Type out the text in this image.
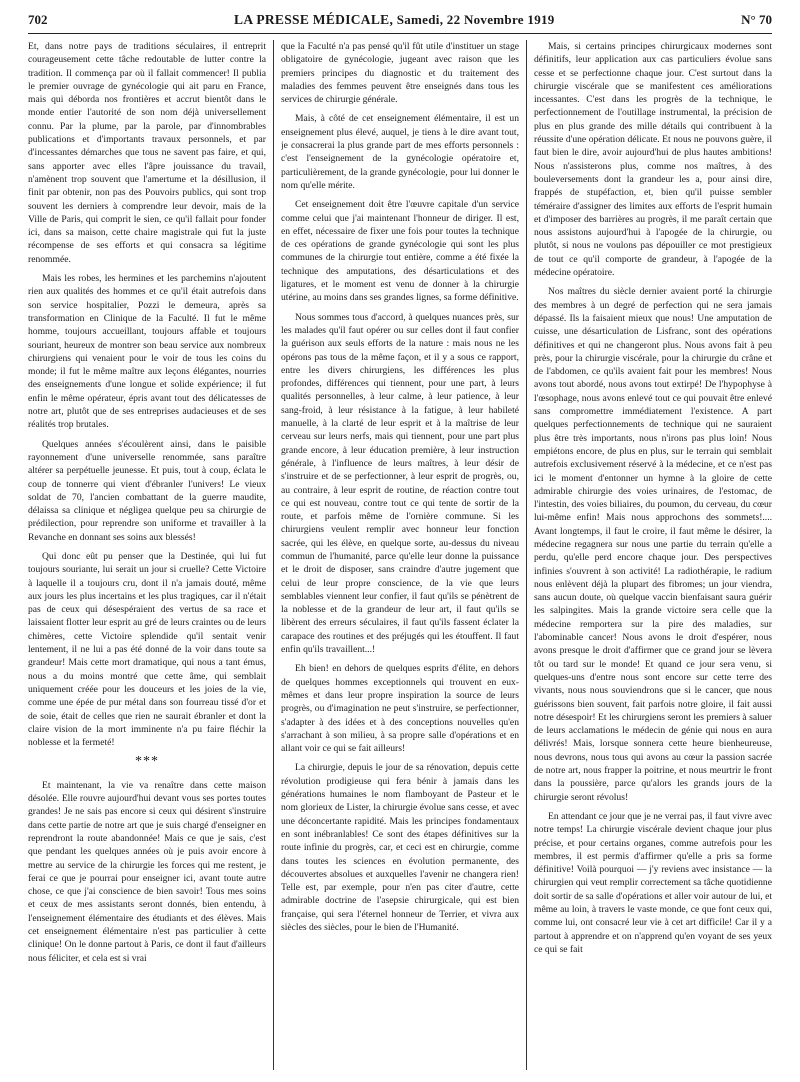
702	LA PRESSE MÉDICALE, Samedi, 22 Novembre 1919	N° 70

Et, dans notre pays de traditions séculaires, il entreprit courageusement cette tâche redoutable de lutter contre la tradition. Il commença par où il fallait commencer! Il publia le premier ouvrage de gynécologie qui ait paru en France, mais qui déborda nos frontières et accrut bientôt dans le monde entier l'autorité de son nom déjà universellement connu. Par la plume, par la parole, par d'innombrables publications et d'importants travaux personnels, et par d'incessantes démarches que tous ne savent pas faire, et qui, sans apporter avec elles l'âpre jouissance du travail, n'amènent trop souvent que l'amertume et la désillusion, il finit par obtenir, non pas des Pouvoirs publics, qui sont trop souvent les derniers à comprendre leur devoir, mais de la Ville de Paris, qui comprit le sien, ce qu'il fallait pour fonder ici, dans sa maison, cette chaire magistrale qui fut la juste récompense de ses efforts et qui consacra sa légitime renommée.

Mais les robes, les hermines et les parchemins n'ajoutent rien aux qualités des hommes et ce qu'il était autrefois dans son service hospitalier, Pozzi le demeura, après sa transformation en Clinique de la Faculté. Il fut le même homme, toujours accueillant, toujours affable et toujours souriant, heureux de montrer son beau service aux nombreux chirurgiens qui venaient pour le voir de tous les coins du monde; il fut le même maître aux leçons élégantes, nourries des enseignements d'une longue et solide expérience; il fut enfin le même opérateur, épris avant tout des délicatesses de notre art, plutôt que de ses entreprises audacieuses et de ses réalités trop brutales.

Quelques années s'écoulèrent ainsi, dans le paisible rayonnement d'une universelle renommée, sans paraître altérer sa perpétuelle jeunesse. Et puis, tout à coup, éclata le coup de tonnerre qui vient d'ébranler l'univers! Le vieux soldat de 70, l'ancien combattant de la guerre maudite, délaissa sa clinique et négligea quelque peu sa chirurgie de prédilection, pour reprendre son uniforme et travailler à la Revanche en donnant ses soins aux blessés!

Qui donc eût pu penser que la Destinée, qui lui fut toujours souriante, lui serait un jour si cruelle? Cette Victoire à laquelle il a toujours cru, dont il n'a jamais douté, même aux jours les plus incertains et les plus tragiques, car il n'était pas de ceux qui désespéraient des vertus de sa race et laissaient flotter leur esprit au gré de leurs craintes ou de leurs chimères, cette Victoire splendide qu'il sentait venir lentement, il ne lui a pas été donné de la voir dans toute sa grandeur! Mais cette mort dramatique, qui nous a tant émus, nous a du moins montré que cette âme, qui semblait uniquement créée pour les douceurs et les joies de la vie, comme une épée de pur métal dans son fourreau tissé d'or et de soie, était de celles que rien ne saurait ébranler et dont la claire vision de la mort imminente n'a pu faire fléchir la noblesse et la fermeté!

***

Et maintenant, la vie va renaître dans cette maison désolée. Elle rouvre aujourd'hui devant vous ses portes toutes grandes! Je ne sais pas encore si ceux qui désirent s'instruire dans cette partie de notre art que je suis chargé d'enseigner en reprendront la route abandonnée! Mais ce que je sais, c'est que pendant les quelques années où je puis avoir encore à mettre au service de la chirurgie les forces qui me restent, je ferai ce que je pourrai pour enseigner ici, avant toute autre chose, ce que j'ai conscience de bien savoir! Tous mes soins et ceux de mes assistants seront donnés, bien entendu, à l'enseignement élémentaire des étudiants et des élèves. Mais cet enseignement élémentaire n'est pas particulier à cette clinique! On le donne partout à Paris, ce dont il faut d'ailleurs nous féliciter, et cela est si vrai

que la Faculté n'a pas pensé qu'il fût utile d'instituer un stage obligatoire de gynécologie, jugeant avec raison que les premiers principes du diagnostic et du traitement des maladies des femmes peuvent être enseignés dans tous les services de chirurgie générale.

Mais, à côté de cet enseignement élémentaire, il est un enseignement plus élevé, auquel, je tiens à le dire avant tout, je consacrerai la plus grande part de mes efforts personnels : c'est l'enseignement de la gynécologie opératoire et, particulièrement, de la grande gynécologie, pour lui donner le nom qu'elle mérite.

Cet enseignement doit être l'œuvre capitale d'un service comme celui que j'ai maintenant l'honneur de diriger. Il est, en effet, nécessaire de fixer une fois pour toutes la technique de ces opérations de grande gynécologie qui sont les plus communes de la chirurgie tout entière, comme a été fixée la technique des amputations, des désarticulations et des ligatures, et le moment est venu de donner à la chirurgie utérine, au moins dans ses grandes lignes, sa forme définitive.

Nous sommes tous d'accord, à quelques nuances près, sur les malades qu'il faut opérer ou sur celles dont il faut confier la guérison aux seuls efforts de la nature : mais nous ne les opérons pas tous de la même façon, et il y a sous ce rapport, entre les divers chirurgiens, les différences les plus profondes, différences qui tiennent, pour une part, à leurs qualités personnelles, à leur calme, à leur patience, à leur sang-froid, à leur résistance à la fatigue, à leur habileté manuelle, à la clarté de leur esprit et à la maîtrise de leur cerveau sur leurs nerfs, mais qui tiennent, pour une part plus grande encore, à leur éducation première, à leur instruction générale, à l'influence de leurs maîtres, à leur désir de s'instruire et de se perfectionner, à leur esprit de progrès, ou, au contraire, à leur esprit de routine, de réaction contre tout ce qui est nouveau, contre tout ce qui tente de sortir de la route, et parfois même de l'ornière commune. Si les chirurgiens veulent remplir avec honneur leur fonction sacrée, qui les élève, en quelque sorte, au-dessus du niveau commun de l'humanité, parce qu'elle leur donne la puissance et le droit de disposer, sans craindre d'autre jugement que celui de leur propre conscience, de la vie que leurs semblables viennent leur confier, il faut qu'ils se pénètrent de la noblesse et de la grandeur de leur art, il faut qu'ils se libèrent des erreurs séculaires, il faut qu'ils fassent éclater la carapace des routines et des préjugés qui les étouffent. Il faut enfin qu'ils travaillent...!

Eh bien! en dehors de quelques esprits d'élite, en dehors de quelques hommes exceptionnels qui trouvent en eux-mêmes et dans leur propre inspiration la source de leurs progrès, ou d'imagination ne peut s'instruire, se perfectionner, s'adapter à des idées et à des conceptions nouvelles qu'en s'arrachant à son milieu, à sa propre salle d'opérations et en allant voir ce qui se fait ailleurs!

La chirurgie, depuis le jour de sa rénovation, depuis cette révolution prodigieuse qui fera bénir à jamais dans les générations humaines le nom flamboyant de Pasteur et le nom glorieux de Lister, la chirurgie évolue sans cesse, et avec une déconcertante rapidité. Mais les principes fondamentaux en sont inébranlables! Ce sont des étapes définitives sur la route infinie du progrès, car, et ceci est en chirurgie, comme dans toutes les sciences en évolution permanente, des découvertes absolues et auxquelles l'avenir ne changera rien! Telle est, par exemple, pour n'en pas citer d'autre, cette admirable doctrine de l'asepsie chirurgicale, qui est bien française, qui sera l'éternel honneur de Terrier, et vivra aux siècles des siècles, pour le bien de l'Humanité.

Mais, si certains principes chirurgicaux modernes sont définitifs, leur application aux cas particuliers évolue sans cesse et se perfectionne chaque jour. C'est surtout dans la chirurgie viscérale que se manifestent ces améliorations incessantes. C'est dans les progrès de la technique, le perfectionnement de l'outillage instrumental, la précision de plus en plus grande des mille détails qui contribuent à la réussite d'une opération délicate. Et nous ne pouvons guère, il faut bien le dire, avoir aujourd'hui de plus hautes ambitions! Nous n'assisterons plus, comme nos maîtres, à des bouleversements dont la grandeur les a, pour ainsi dire, frappés de stupéfaction, et, bien qu'il puisse sembler téméraire d'assigner des limites aux efforts de l'esprit humain et d'imposer des barrières au progrès, il me paraît certain que nous assistons aujourd'hui à l'apogée de la chirurgie, ou plutôt, si nous ne voulons pas dépouiller ce mot prestigieux de tout ce qu'il comporte de grandeur, à l'apogée de la médecine opératoire.

Nos maîtres du siècle dernier avaient porté la chirurgie des membres à un degré de perfection qui ne sera jamais dépassé. Ils la faisaient mieux que nous! Une amputation de cuisse, une désarticulation de Lisfranc, sont des opérations définitives et qui ne changeront plus. Nous avons fait à peu près, pour la chirurgie viscérale, pour la chirurgie du crâne et de l'abdomen, ce qu'ils avaient fait pour les membres! Nous avons tout abordé, nous avons tout extirpé! De l'hypophyse à l'œsophage, nous avons enlevé tout ce qui pouvait être enlevé sans compromettre immédiatement l'existence. A part quelques perfectionnements de technique qui ne sauraient plus être très importants, nous n'irons pas plus loin! Nous empiétons encore, de plus en plus, sur le terrain qui semblait autrefois exclusivement réservé à la médecine, et ce n'est pas ici le moment d'entonner un hymne à la gloire de cette admirable chirurgie des voies urinaires, de l'estomac, de l'intestin, des voies biliaires, du poumon, du cerveau, du cœur lui-même enfin! Mais nous approchons des sommets!.... Avant longtemps, il faut le croire, il faut même le désirer, la médecine regagnera sur nous une partie du terrain qu'elle a perdu, qu'elle perd encore chaque jour. Des perspectives infinies s'ouvrent à son activité! La radiothérapie, le radium nous enlèvent déjà la plupart des fibromes; un jour viendra, sans aucun doute, où quelque vaccin bienfaisant saura guérir les salpingites. Mais la grande victoire sera celle que la médecine remportera sur la pire des maladies, sur l'abominable cancer! Nous avons le droit d'espérer, nous avons presque le droit d'affirmer que ce grand jour se lèvera tôt ou tard sur le monde! Et quand ce jour sera venu, si quelques-uns d'entre nous sont encore sur cette terre des vivants, nous nous souviendrons que si le cancer, que nous guérissons bien souvent, fait parfois notre gloire, il fait aussi notre désespoir! Et les chirurgiens seront les premiers à saluer de leurs acclamations le médecin de génie qui nous en aura délivrés! Mais, lorsque sonnera cette heure bienheureuse, nous devrons, nous tous qui avons au cœur la passion sacrée de notre art, nous frapper la poitrine, et nous meurtrir le front dans la poussière, parce qu'alors les grands jours de la chirurgie seront révolus!

En attendant ce jour que je ne verrai pas, il faut vivre avec notre temps! La chirurgie viscérale devient chaque jour plus précise, et pour certains organes, comme autrefois pour les membres, il est permis d'affirmer qu'elle a pris sa forme définitive! Voilà pourquoi — j'y reviens avec insistance — la chirurgien qui veut remplir correctement sa tâche quotidienne doit sortir de sa salle d'opérations et aller voir autour de lui, et même au loin, à travers le vaste monde, ce que font ceux qui, comme lui, ont consacré leur vie à cet art difficile! Car il y a partout à apprendre et on n'apprend qu'en voyant de ses yeux ce qui se fait
